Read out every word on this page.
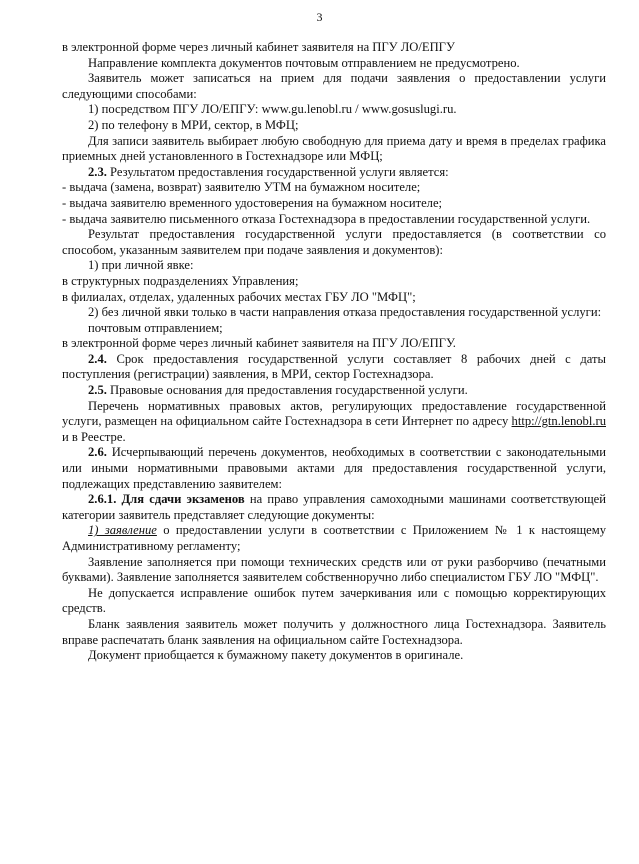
3

в электронной форме через личный кабинет заявителя на ПГУ ЛО/ЕПГУ

Направление комплекта документов почтовым отправлением не предусмотрено.

Заявитель может записаться на прием для подачи заявления о предоставлении услуги следующими способами:

1) посредством ПГУ ЛО/ЕПГУ: www.gu.lenobl.ru / www.gosuslugi.ru.

2) по телефону в МРИ, сектор, в МФЦ;

Для записи заявитель выбирает любую свободную для приема дату и время в пределах графика приемных дней установленного в Гостехнадзоре или МФЦ;

2.3. Результатом предоставления государственной услуги является:

- выдача (замена, возврат) заявителю УТМ на бумажном носителе;

- выдача заявителю временного удостоверения на бумажном носителе;

- выдача заявителю письменного отказа Гостехнадзора в предоставлении государственной услуги.

Результат предоставления государственной услуги предоставляется (в соответствии со способом, указанным заявителем при подаче заявления и документов):

1) при личной явке:

в структурных подразделениях Управления;

в филиалах, отделах, удаленных рабочих местах ГБУ ЛО "МФЦ";

2) без личной явки только в части направления отказа предоставления государственной услуги:

почтовым отправлением;

в электронной форме через личный кабинет заявителя на ПГУ ЛО/ЕПГУ.

2.4. Срок предоставления государственной услуги составляет 8 рабочих дней с даты поступления (регистрации) заявления, в МРИ, сектор Гостехнадзора.

2.5. Правовые основания для предоставления государственной услуги.

Перечень нормативных правовых актов, регулирующих предоставление государственной услуги, размещен на официальном сайте Гостехнадзора в сети Интернет по адресу http://gtn.lenobl.ru и в Реестре.

2.6. Исчерпывающий перечень документов, необходимых в соответствии с законодательными или иными нормативными правовыми актами для предоставления государственной услуги, подлежащих представлению заявителем:

2.6.1. Для сдачи экзаменов на право управления самоходными машинами соответствующей категории заявитель представляет следующие документы:

1) заявление о предоставлении услуги в соответствии с Приложением № 1 к настоящему Административному регламенту;

Заявление заполняется при помощи технических средств или от руки разборчиво (печатными буквами). Заявление заполняется заявителем собственноручно либо специалистом ГБУ ЛО "МФЦ".

Не допускается исправление ошибок путем зачеркивания или с помощью корректирующих средств.

Бланк заявления заявитель может получить у должностного лица Гостехнадзора. Заявитель вправе распечатать бланк заявления на официальном сайте Гостехнадзора.

Документ приобщается к бумажному пакету документов в оригинале.
